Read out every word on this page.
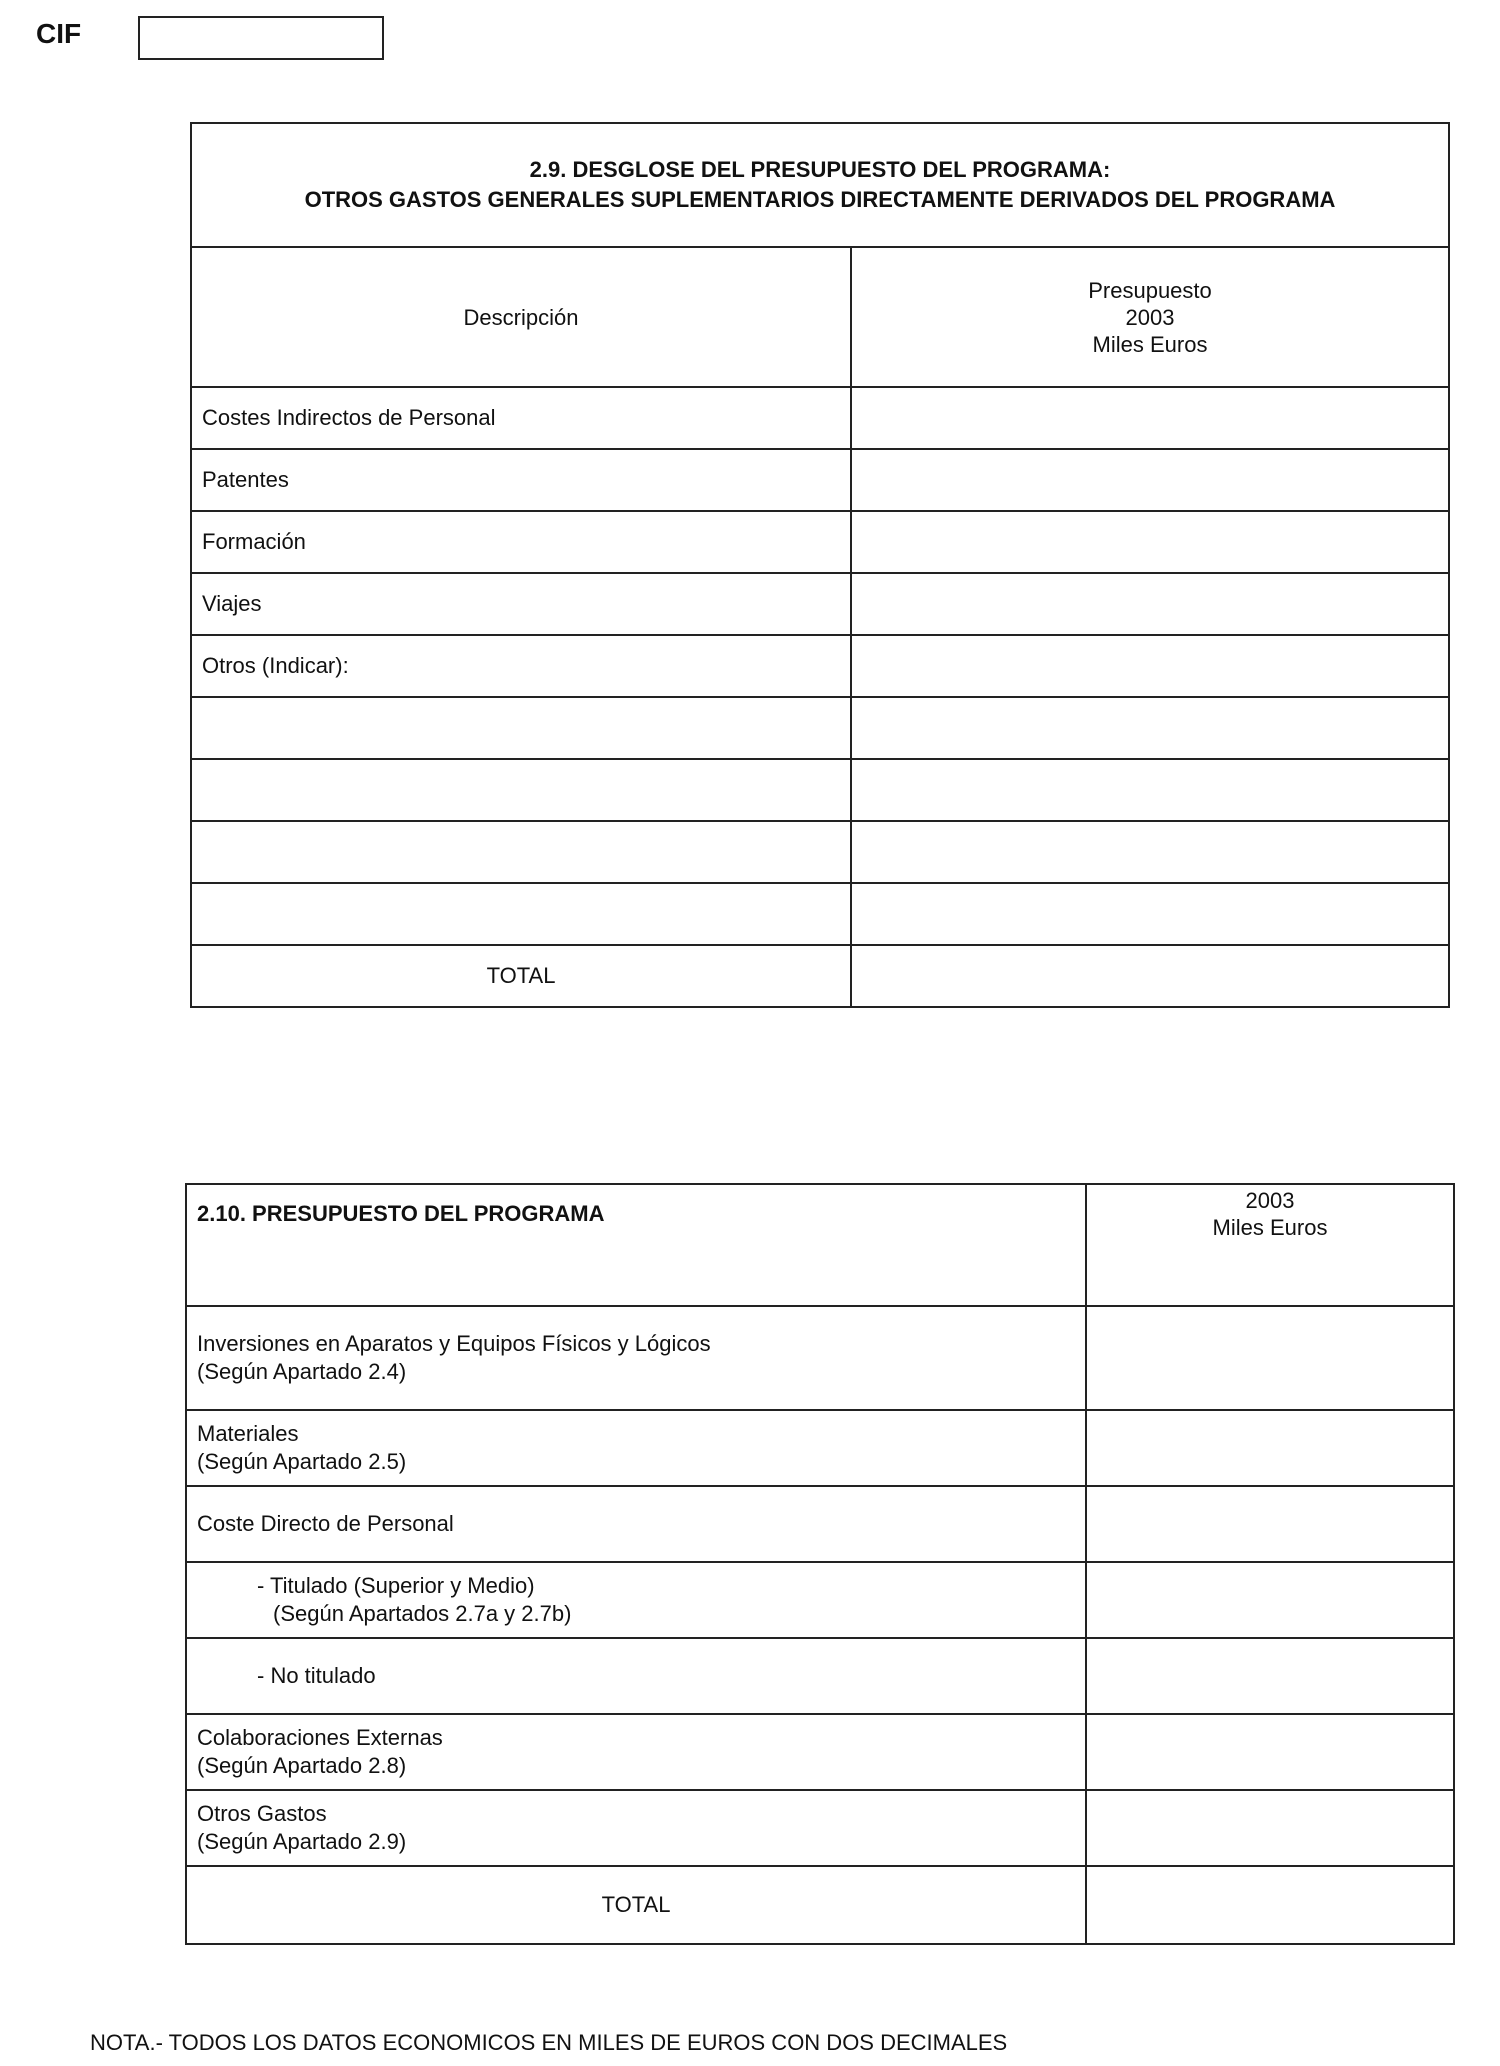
CIF
2.9. DESGLOSE DEL PRESUPUESTO DEL PROGRAMA:
OTROS GASTOS GENERALES SUPLEMENTARIOS DIRECTAMENTE DERIVADOS DEL PROGRAMA	

Descripción	Presupuesto
2003
Miles Euros

Costes Indirectos de Personal	
Patentes	
Formación	
Viajes	
Otros (Indicar):	

TOTAL	
2.10. PRESUPUESTO DEL PROGRAMA	2003
Miles Euros

Inversiones en Aparatos y Equipos Físicos y Lógicos
(Según Apartado 2.4)	

Materiales
(Según Apartado 2.5)	

Coste Directo de Personal	

- Titulado (Superior y Medio)
(Según Apartados 2.7a y 2.7b)	

- No titulado	

Colaboraciones Externas
(Según Apartado 2.8)	

Otros Gastos
(Según Apartado 2.9)	

TOTAL	
NOTA.- TODOS LOS DATOS ECONOMICOS EN MILES DE EUROS CON DOS DECIMALES
